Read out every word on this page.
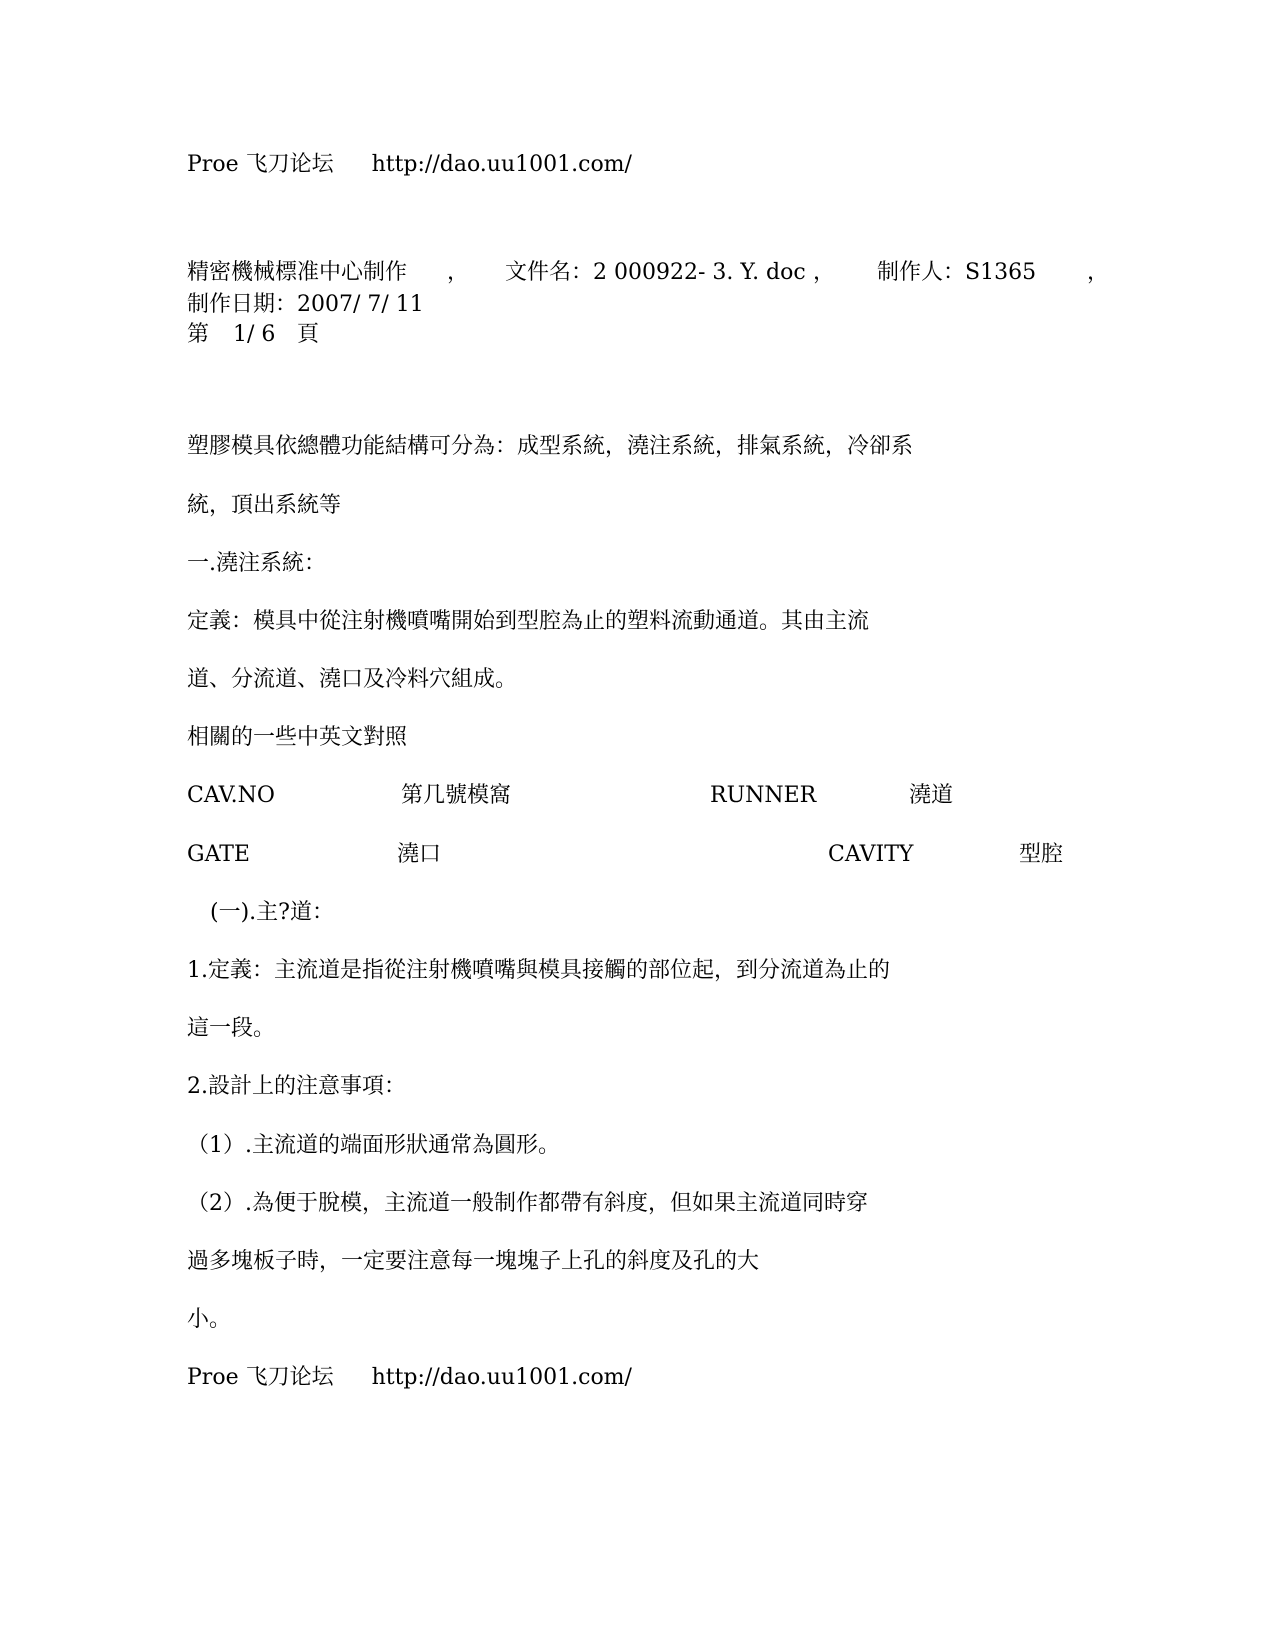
Proe 飞刀论坛 http://dao.uu1001.com/
精密機械標准中心制作 ， 文件名：2 000922- 3. Y. doc ， 制作人：S1365 ，
制作日期：2007/ 7/ 11
第 1/ 6 頁
塑膠模具依總體功能結構可分為：成型系統，澆注系統，排氣系統，冷卻系
統，頂出系統等
一.澆注系統：
定義：模具中從注射機噴嘴開始到型腔為止的塑料流動通道。其由主流
道、分流道、澆口及冷料穴組成。
相關的一些中英文對照
CAV.NO	第几號模窩	RUNNER	澆道
GATE	澆口	CAVITY	型腔
(一).主?道：
1.定義：主流道是指從注射機噴嘴與模具接觸的部位起，到分流道為止的
這一段。
2.設計上的注意事項：
（1）.主流道的端面形狀通常為圓形。
（2）.為便于脫模，主流道一般制作都帶有斜度，但如果主流道同時穿
過多塊板子時，一定要注意每一塊塊子上孔的斜度及孔的大
小。
Proe 飞刀论坛 http://dao.uu1001.com/
